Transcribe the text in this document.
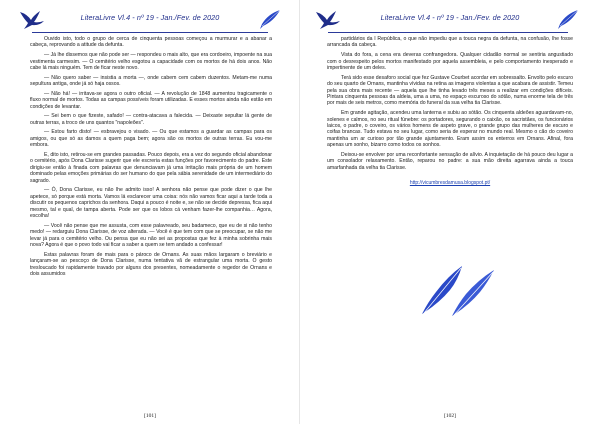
LiteraLivre Vl.4 - nº 19 - Jan./Fev. de 2020

Ouvido isto, todo o grupo de cerca de cinquenta pessoas começou a murmurar e a abanar a cabeça, reprovando a atitude da defunta.

— Já lhe dissemos que não pode ser — respondeu o mais alto, que era cordoeiro, impoente na sua vestimenta carmesim. — O cemitério velho esgotou a capacidade com os mortos de há dois anos. Não cabe lá mais ninguém. Tem de ficar neste novo.

— Não quero saber — insistia a morta —, onde cabem cem cabem duzentos. Metam-me numa sepultura antiga, onde já só haja ossos.

— Não há! — irritava-se agora o outro oficial. — A revolução de 1848 aumentou tragicamente o fluxo normal de mortos. Todas as campas possíveis foram utilizadas. E esses mortos ainda não estão em condições de levantar.

— Sei bem o que fizeste, safado! — contra-atacava a falecida. — Deixaste sepultar lá gente de outras terras, a troco de uns quantos "napoleões".

— Estou farto disto! — esbravejou o visado. — Ou que estamos a guardar as campas para os amigos, ou que só as damos a quem paga bem; agora são os mortos de outras terras. Eu vou-me embora.

E, dito isto, retirou-se em grandes passadas. Pouco depois, era a vez do segundo oficial abandonar o cemitério, após Dona Clarisse sugerir que ele escreria estas funções por favorecimento do padre. Este dirigiu-se então à finada com palavras que denunciavam já uma irritação mais própria de um homem dominado pelas emoções primárias do ser humano do que pela sábia serenidade de um intermediário do sagrado.

— Ó, Dona Clarisse, eu não lhe admito isso! A senhora não pense que pode dizer o que lhe apetece, só porque está morta. Vamos lá esclarecer uma coisa: nós não vamos ficar aqui a tarde toda a discutir os pequenos caprichos da senhora. Daqui a pouco é noite e, se não se decide depressa, fica aqui mesmo, tal e qual, de tampa aberta. Pode ser que os lobos cá venham fazer-lhe companhia… Agora, escolha!

— Você não pense que me assusta, com esse palavreado, seu badameco, que eu de si não tenho medo! — redarguiu Dona Clarisse, de voz alterada. — Você é que tem com que se preocupar, se não me levar já para o cemitério velho. Ou pensa que eu não sei as propostas que fez à minha sobrinha mais nova? Agora é que o povo todo vai ficar a saber a quem se tem andado a confessar!

Estas palavras foram de mais para o pároco de Ornans. As suas mãos largaram o breviário e lançaram-se ao pescoço de Dona Clarisse, numa tentativa vã de estrangular uma morta. O gesto tresloucado foi rapidamente travado por alguns dos presentes, nomeadamente o regedor de Ornans e dois assumidos

[101]
LiteraLivre Vl.4 - nº 19 - Jan./Fev. de 2020

partidários da I República, o que não impediu que a touca negra da defunta, na confusão, lhe fosse arrancada da cabeça.

Vista do fora, a cena era deveras confrangedora. Qualquer cidadão normal se sentiria angustiado com o desrespeito pelos mortos manifestado por aquela assembleia, e pelo comportamento inesperado e impertinente de um deles.

Terá sido esse desaforo social que fez Gustave Courbet acordar em sobressalto. Envolto pelo escuro do seu quarto de Ornans, mantinha vívidas na retina as imagens violentas a que acabara de assistir. Temeu pela sua obra mais recente — aquela que lhe tinha levado três meses a realizar em condições difíceis. Pintara cinquenta pessoas da aldeia, uma a uma, no espaço escuroso do sótão, numa enorme tela de três por mais de seis metros, como memória do funeral da sua velha tia Clarisse.

Em grande agitação, acendeu uma lanterna e subiu ao sótão. Os cinquenta aldeões aguardavam-no, solenes e calmos, no seu ritual fúnebre: os portadores, segurando o caixão, os sacristães, os funcionários laicos, o padre, o coveiro, os vários homens de aspeto grave, o grande grupo das mulheres de escuro e coifas brancas. Tudo estava no seu lugar, como seria de esperar no mundo real. Mesmo o cão do coveiro mantinha um ar curioso por tão grande ajuntamento. Eram assim os enterros em Ornans. Afinal, fora apenas um sonho, bizarro como todos os sonhos.

Deixou-se envolver por uma reconfortante sensação de alívio. A inquietação de há pouco deu lugar a um consolador relaxamento. Então, reparou no padre: a sua mão direita agarrava ainda a touca amarfanhada da velha tia Clarisse.

http://vicumbresdamusa.blogspot.pt/
[102]
